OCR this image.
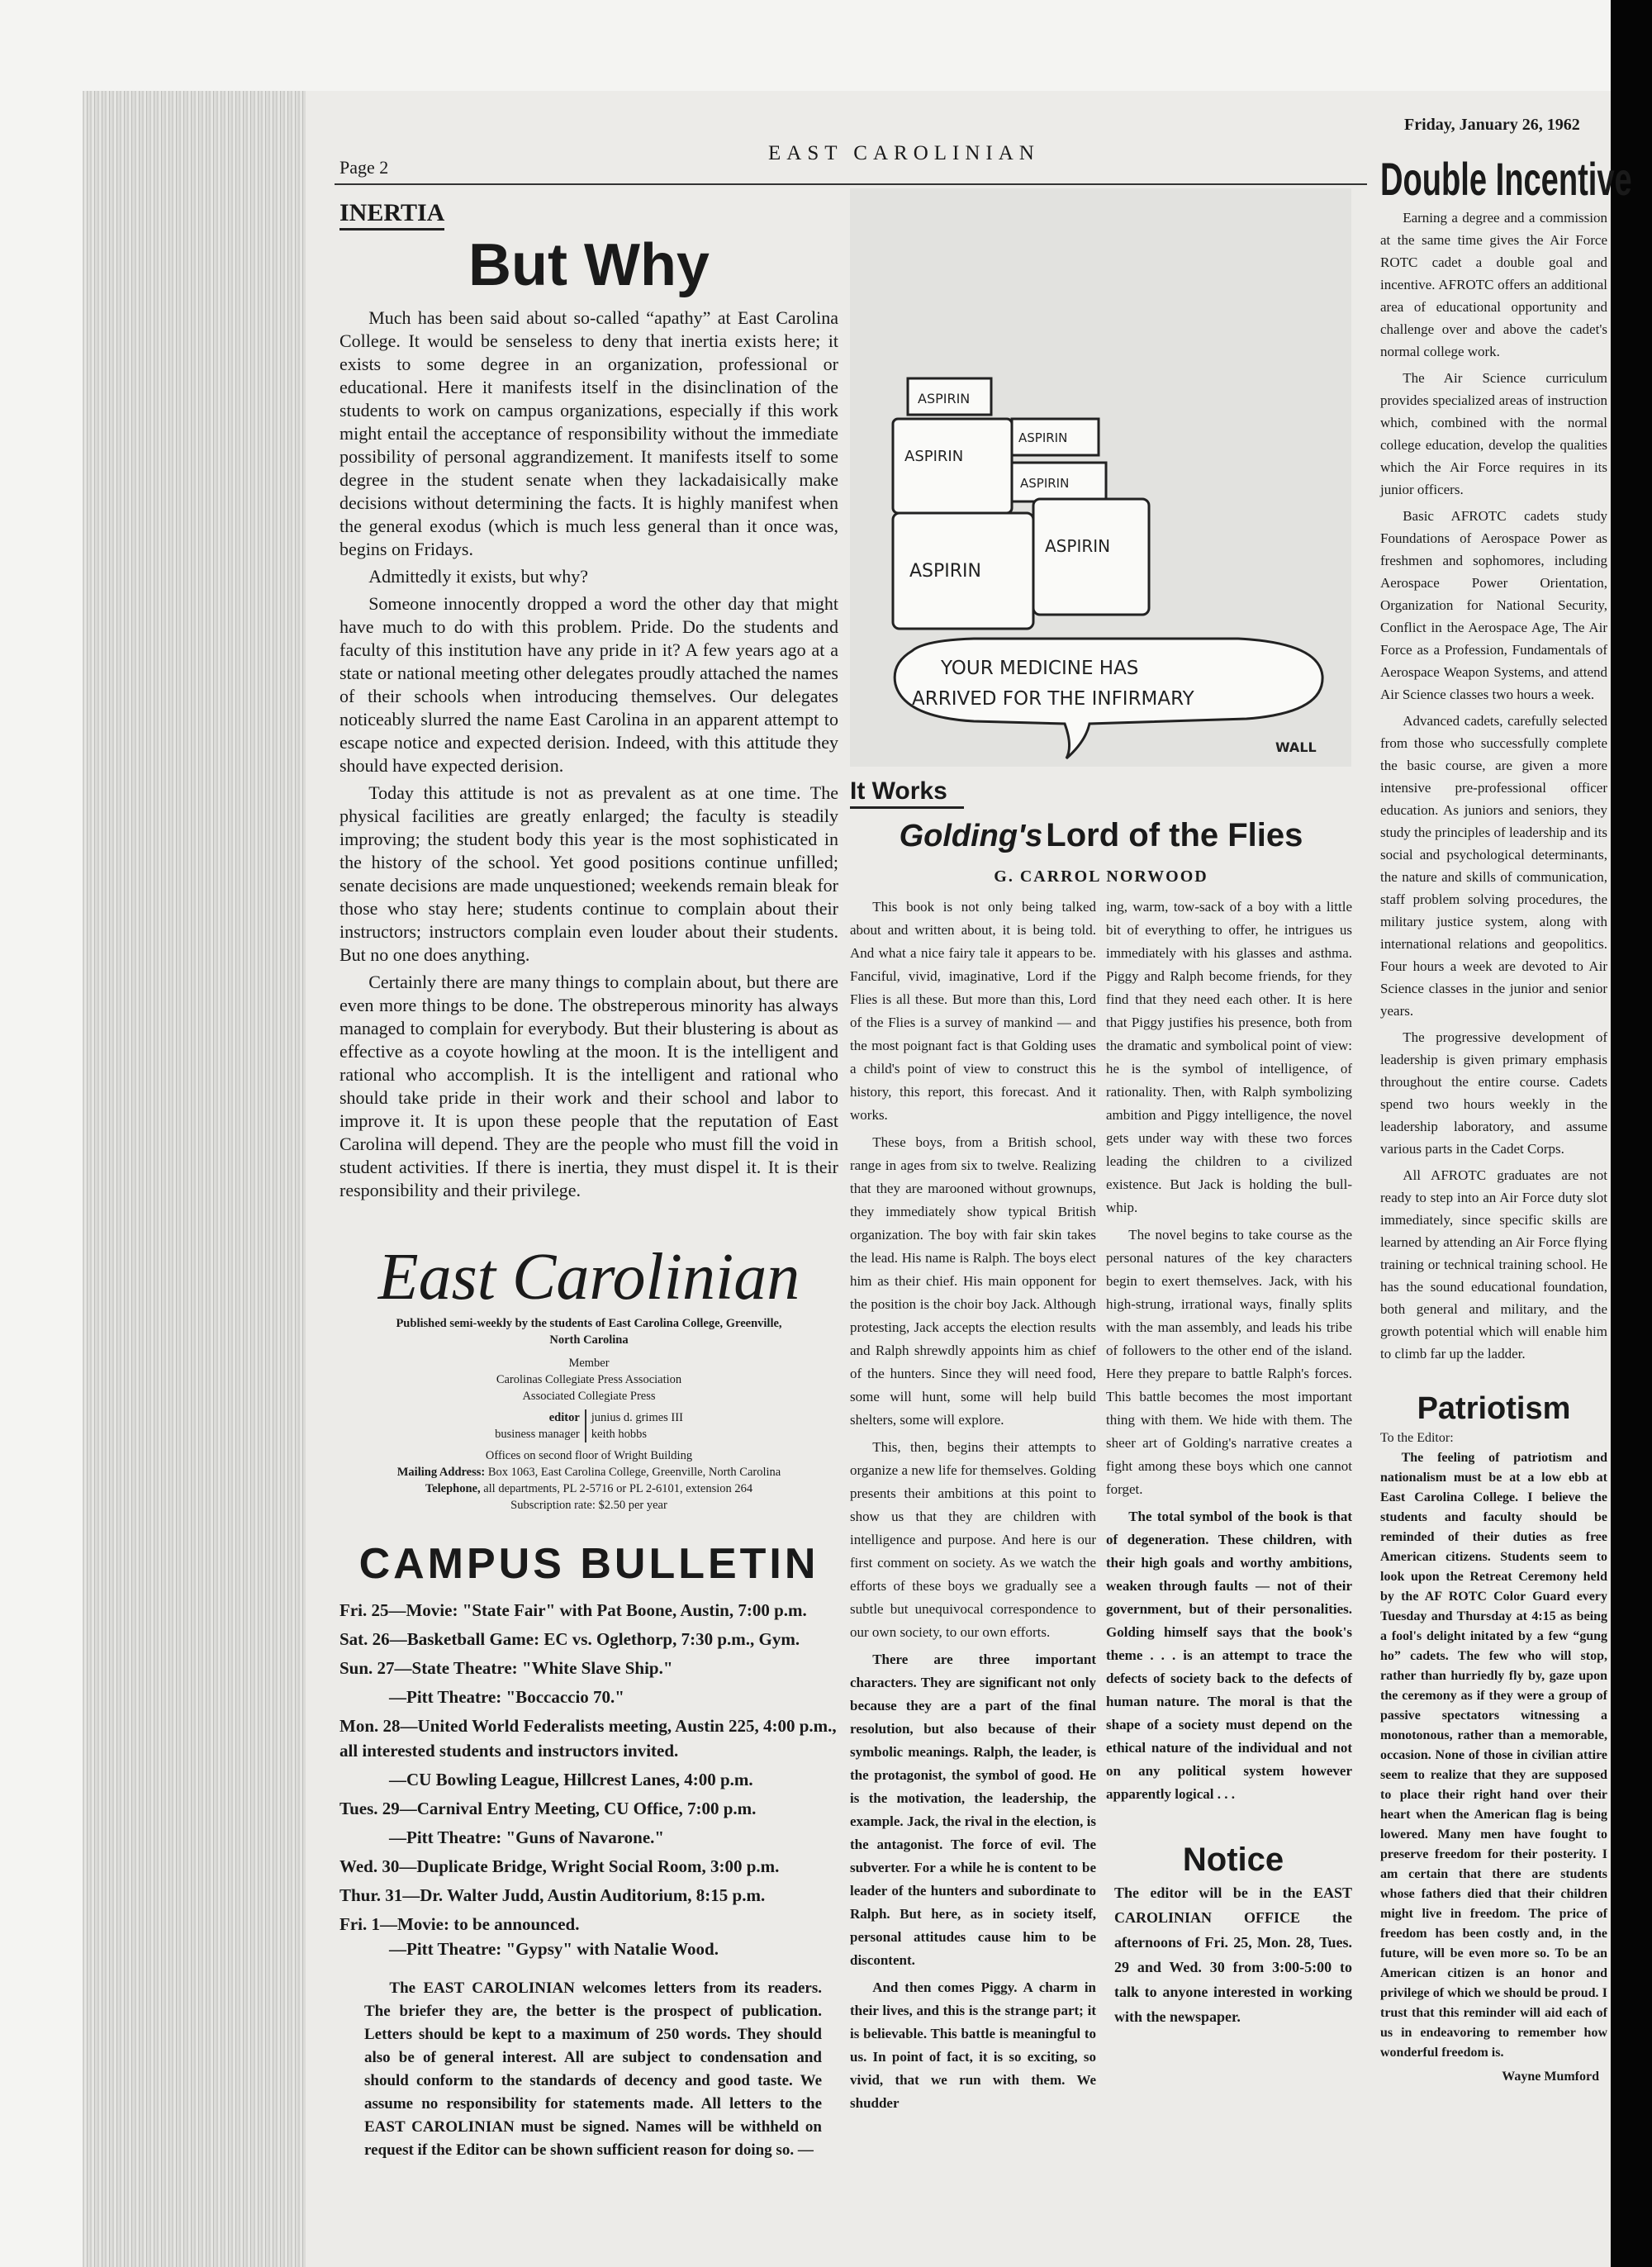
Page 2
EAST CAROLINIAN
Friday, January 26, 1962
INERTIA
But Why

Much has been said about so-called “apathy” at East Carolina College. It would be senseless to deny that inertia exists here; it exists to some degree in an organization, professional or educational. Here it manifests itself in the disinclination of the students to work on campus organizations, especially if this work might entail the acceptance of responsibility without the immediate possibility of personal aggrandizement. It manifests itself to some degree in the student senate when they lackadaisically make decisions without determining the facts. It is highly manifest when the general exodus (which is much less general than it once was, begins on Fridays.

Admittedly it exists, but why?

Someone innocently dropped a word the other day that might have much to do with this problem. Pride. Do the students and faculty of this institution have any pride in it? A few years ago at a state or national meeting other delegates proudly attached the names of their schools when introducing themselves. Our delegates noticeably slurred the name East Carolina in an apparent attempt to escape notice and expected derision. Indeed, with this attitude they should have expected derision.

Today this attitude is not as prevalent as at one time. The physical facilities are greatly enlarged; the faculty is steadily improving; the student body this year is the most sophisticated in the history of the school. Yet good positions continue unfilled; senate decisions are made unquestioned; weekends remain bleak for those who stay here; students continue to complain about their instructors; instructors complain even louder about their students. But no one does anything.

Certainly there are many things to complain about, but there are even more things to be done. The obstreperous minority has always managed to complain for everybody. But their blustering is about as effective as a coyote howling at the moon. It is the intelligent and rational who accomplish. It is the intelligent and rational who should take pride in their work and their school and labor to improve it. It is upon these people that the reputation of East Carolina will depend. They are the people who must fill the void in student activities. If there is inertia, they must dispel it. It is their responsibility and their privilege.

East Carolinian
Published semi-weekly by the students of East Carolina College, Greenville, North Carolina
Member
Carolinas Collegiate Press Association
Associated Collegiate Press
editor
business manager
junius d. grimes III
keith hobbs
Offices on second floor of Wright Building
Mailing Address: Box 1063, East Carolina College, Greenville, North Carolina
Telephone, all departments, PL 2-5716 or PL 2-6101, extension 264
Subscription rate: $2.50 per year
CAMPUS BULLETIN
Fri. 25—Movie: "State Fair" with Pat Boone, Austin, 7:00 p.m.
Sat. 26—Basketball Game: EC vs. Oglethorp, 7:30 p.m., Gym.
Sun. 27—State Theatre: "White Slave Ship."
—Pitt Theatre: "Boccaccio 70."
Mon. 28—United World Federalists meeting, Austin 225, 4:00 p.m., all interested students and instructors invited.
—CU Bowling League, Hillcrest Lanes, 4:00 p.m.
Tues. 29—Carnival Entry Meeting, CU Office, 7:00 p.m.
—Pitt Theatre: "Guns of Navarone."
Wed. 30—Duplicate Bridge, Wright Social Room, 3:00 p.m.
Thur. 31—Dr. Walter Judd, Austin Auditorium, 8:15 p.m.
Fri. 1—Movie: to be announced.
—Pitt Theatre: "Gypsy" with Natalie Wood.
The EAST CAROLINIAN welcomes letters from its readers. The briefer they are, the better is the prospect of publication. Letters should be kept to a maximum of 250 words. They should also be of general interest. All are subject to condensation and should conform to the standards of decency and good taste. We assume no responsibility for statements made. All letters to the EAST CAROLINIAN must be signed. Names will be withheld on request if the Editor can be shown sufficient reason for doing so. —
ASPIRIN
ASPIRIN
ASPIRIN
ASPIRIN
ASPIRIN
ASPIRIN
YOUR MEDICINE HAS
ARRIVED FOR THE INFIRMARY
WALL
It Works
Golding's Lord of the Flies
G. CARROL NORWOOD

This book is not only being talked about and written about, it is being told. And what a nice fairy tale it appears to be. Fanciful, vivid, imaginative, Lord if the Flies is all these. But more than this, Lord of the Flies is a survey of mankind — and the most poignant fact is that Golding uses a child's point of view to construct this history, this report, this forecast. And it works.

These boys, from a British school, range in ages from six to twelve. Realizing that they are marooned without grownups, they immediately show typical British organization. The boy with fair skin takes the lead. His name is Ralph. The boys elect him as their chief. His main opponent for the position is the choir boy Jack. Although protesting, Jack accepts the election results and Ralph shrewdly appoints him as chief of the hunters. Since they will need food, some will hunt, some will help build shelters, some will explore.

This, then, begins their attempts to organize a new life for themselves. Golding presents their ambitions at this point to show us that they are children with intelligence and purpose. And here is our first comment on society. As we watch the efforts of these boys we gradually see a subtle but unequivocal correspondence to our own society, to our own efforts.

There are three important characters. They are significant not only because they are a part of the final resolution, but also because of their symbolic meanings. Ralph, the leader, is the protagonist, the symbol of good. He is the motivation, the leadership, the example. Jack, the rival in the election, is the antagonist. The force of evil. The subverter. For a while he is content to be leader of the hunters and subordinate to Ralph. But here, as in society itself, personal attitudes cause him to be discontent.

And then comes Piggy. A charm in their lives, and this is the strange part; it is believable. This battle is meaningful to us. In point of fact, it is so exciting, so vivid, that we run with them. We shudder

ing, warm, tow-sack of a boy with a little bit of everything to offer, he intrigues us immediately with his glasses and asthma. Piggy and Ralph become friends, for they find that they need each other. It is here that Piggy justifies his presence, both from the dramatic and symbolical point of view: he is the symbol of intelligence, of rationality. Then, with Ralph symbolizing ambition and Piggy intelligence, the novel gets under way with these two forces leading the children to a civilized existence. But Jack is holding the bull-whip.

The novel begins to take course as the personal natures of the key characters begin to exert themselves. Jack, with his high-strung, irrational ways, finally splits with the man assembly, and leads his tribe of followers to the other end of the island. Here they prepare to battle Ralph's forces. This battle becomes the most important thing with them. We hide with them. The sheer art of Golding's narrative creates a fight among these boys which one cannot forget.

The total symbol of the book is that of degeneration. These children, with their high goals and worthy ambitions, weaken through faults — not of their government, but of their personalities. Golding himself says that the book's theme . . . is an attempt to trace the defects of society back to the defects of human nature. The moral is that the shape of a society must depend on the ethical nature of the individual and not on any political system however apparently logical . . .

Notice
The editor will be in the EAST CAROLINIAN OFFICE the afternoons of Fri. 25, Mon. 28, Tues. 29 and Wed. 30 from 3:00-5:00 to talk to anyone interested in working with the newspaper.
Double Incentive

Earning a degree and a commission at the same time gives the Air Force ROTC cadet a double goal and incentive. AFROTC offers an additional area of educational opportunity and challenge over and above the cadet's normal college work.

The Air Science curriculum provides specialized areas of instruction which, combined with the normal college education, develop the qualities which the Air Force requires in its junior officers.

Basic AFROTC cadets study Foundations of Aerospace Power as freshmen and sophomores, including Aerospace Power Orientation, Organization for National Security, Conflict in the Aerospace Age, The Air Force as a Profession, Fundamentals of Aerospace Weapon Systems, and attend Air Science classes two hours a week.

Advanced cadets, carefully selected from those who successfully complete the basic course, are given a more intensive pre-professional officer education. As juniors and seniors, they study the principles of leadership and its social and psychological determinants, the nature and skills of communication, staff problem solving procedures, the military justice system, along with international relations and geopolitics. Four hours a week are devoted to Air Science classes in the junior and senior years.

The progressive development of leadership is given primary emphasis throughout the entire course. Cadets spend two hours weekly in the leadership laboratory, and assume various parts in the Cadet Corps.

All AFROTC graduates are not ready to step into an Air Force duty slot immediately, since specific skills are learned by attending an Air Force flying training or technical training school. He has the sound educational foundation, both general and military, and the growth potential which will enable him to climb far up the ladder.

Patriotism
To the Editor:

The feeling of patriotism and nationalism must be at a low ebb at East Carolina College. I believe the students and faculty should be reminded of their duties as free American citizens. Students seem to look upon the Retreat Ceremony held by the AF ROTC Color Guard every Tuesday and Thursday at 4:15 as being a fool's delight initated by a few “gung ho” cadets. The few who will stop, rather than hurriedly fly by, gaze upon the ceremony as if they were a group of passive spectators witnessing a monotonous, rather than a memorable, occasion. None of those in civilian attire seem to realize that they are supposed to place their right hand over their heart when the American flag is being lowered. Many men have fought to preserve freedom for their posterity. I am certain that there are students whose fathers died that their children might live in freedom. The price of freedom has been costly and, in the future, will be even more so. To be an American citizen is an honor and privilege of which we should be proud. I trust that this reminder will aid each of us in endeavoring to remember how wonderful freedom is.

Wayne Mumford
